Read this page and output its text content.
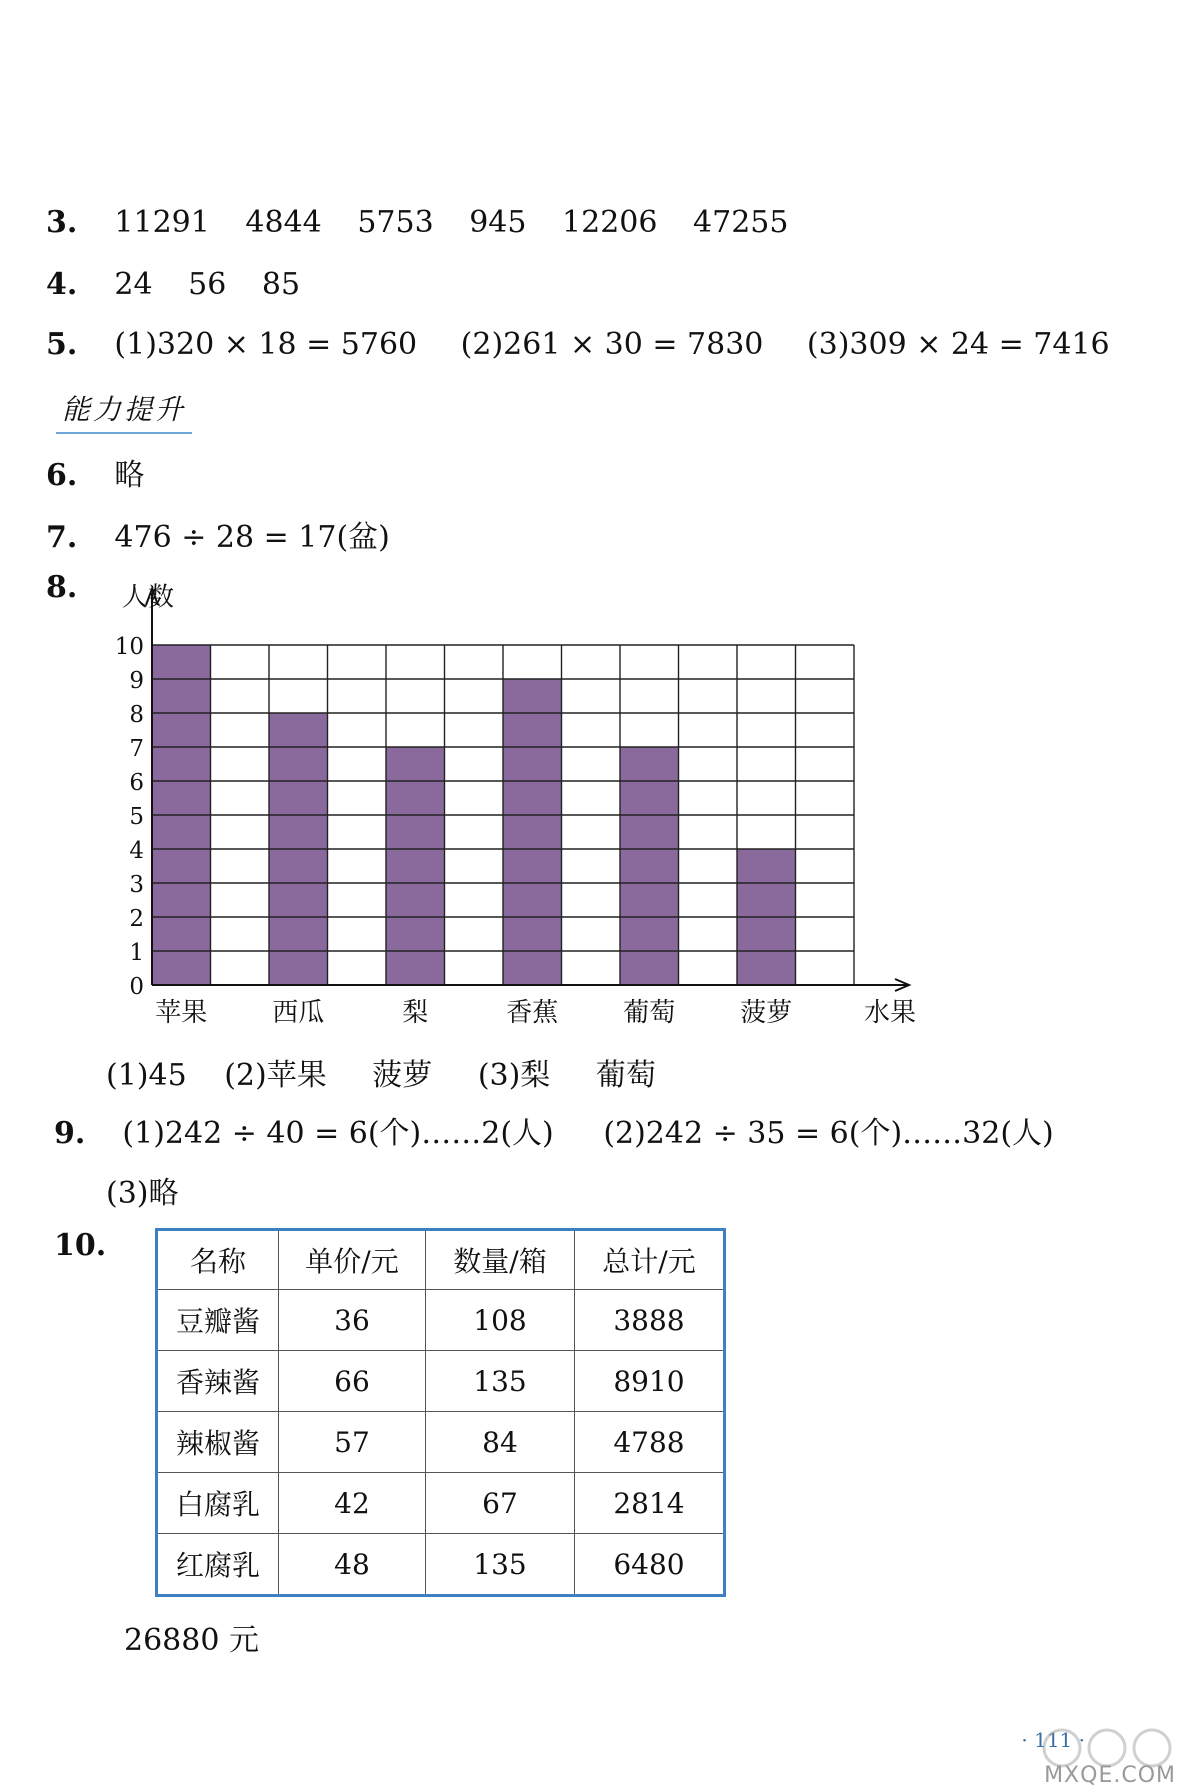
3. 11291 4844 5753 945 12206 47255
4. 24 56 85
5. (1)320 × 18 = 5760 (2)261 × 30 = 7830 (3)309 × 24 = 7416
能力提升
6. 略
7. 476 ÷ 28 = 17(盆)
8.
0
1
2
3
4
5
6
7
8
9
10
苹果 西瓜	梨	香蕉 葡萄 菠萝
人数
水果
(1)45 (2)苹果 菠萝 (3)梨 葡萄
9. (1)242 ÷ 40 = 6(个)……2(人) (2)242 ÷ 35 = 6(个)……32(人)
(3)略
10.	名称	单价/元	数量/箱	总计/元
豆瓣酱	36	108	3888
香辣酱	66	135	8910
辣椒酱	57	84	4788
白腐乳	42	67	2814
红腐乳	48	135	6480
26880 元
· 111 ·
MXQE.COM
